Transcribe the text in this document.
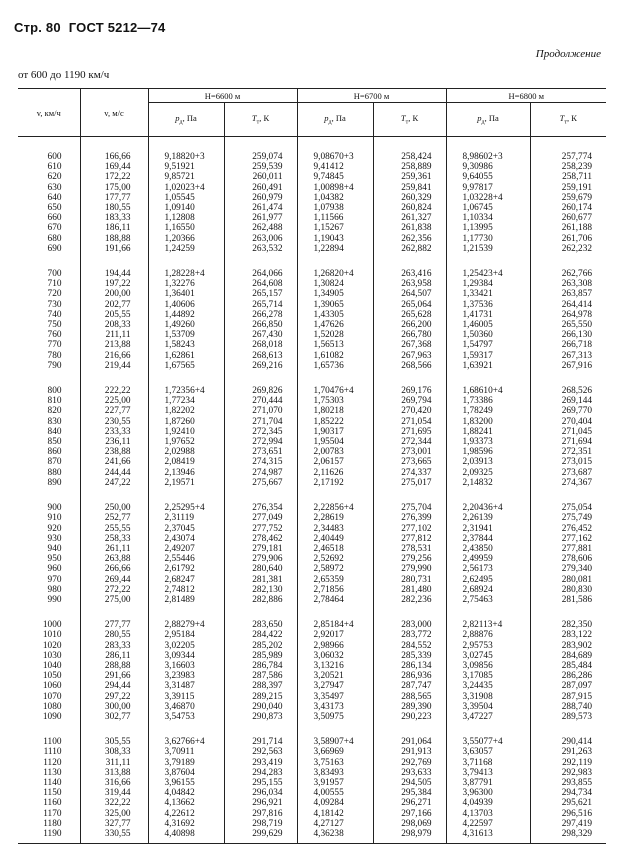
Стр. 80 ГОСТ 5212—74
Продолжение
от 600 до 1190 км/ч
v, км/ч	v, м/с	H=6600 м		H=6700 м		H=6800 м	
		$p_д$, Па	$T_т$, К	$p_д$, Па	$T_т$, К	$p_д$, Па	$T_т$, К

600	166,66	9,18820+3	259,074	9,08670+3	258,424	8,98602+3	257,774
610	169,44	9,51921	259,539	9,41412	258,889	9,30986	258,239
620	172,22	9,85721	260,011	9,74845	259,361	9,64055	258,711
630	175,00	1,02023+4	260,491	1,00898+4	259,841	9,97817	259,191
640	177,77	1,05545	260,979	1,04382	260,329	1,03228+4	259,679
650	180,55	1,09140	261,474	1,07938	260,824	1,06745	260,174
660	183,33	1,12808	261,977	1,11566	261,327	1,10334	260,677
670	186,11	1,16550	262,488	1,15267	261,838	1,13995	261,188
680	188,88	1,20366	263,006	1,19043	262,356	1,17730	261,706
690	191,66	1,24259	263,532	1,22894	262,882	1,21539	262,232

700	194,44	1,28228+4	264,066	1,26820+4	263,416	1,25423+4	262,766
710	197,22	1,32276	264,608	1,30824	263,958	1,29384	263,308
720	200,00	1,36401	265,157	1,34905	264,507	1,33421	263,857
730	202,77	1,40606	265,714	1,39065	265,064	1,37536	264,414
740	205,55	1,44892	266,278	1,43305	265,628	1,41731	264,978
750	208,33	1,49260	266,850	1,47626	266,200	1,46005	265,550
760	211,11	1,53709	267,430	1,52028	266,780	1,50360	266,130
770	213,88	1,58243	268,018	1,56513	267,368	1,54797	266,718
780	216,66	1,62861	268,613	1,61082	267,963	1,59317	267,313
790	219,44	1,67565	269,216	1,65736	268,566	1,63921	267,916

800	222,22	1,72356+4	269,826	1,70476+4	269,176	1,68610+4	268,526
810	225,00	1,77234	270,444	1,75303	269,794	1,73386	269,144
820	227,77	1,82202	271,070	1,80218	270,420	1,78249	269,770
830	230,55	1,87260	271,704	1,85222	271,054	1,83200	270,404
840	233,33	1,92410	272,345	1,90317	271,695	1,88241	271,045
850	236,11	1,97652	272,994	1,95504	272,344	1,93373	271,694
860	238,88	2,02988	273,651	2,00783	273,001	1,98596	272,351
870	241,66	2,08419	274,315	2,06157	273,665	2,03913	273,015
880	244,44	2,13946	274,987	2,11626	274,337	2,09325	273,687
890	247,22	2,19571	275,667	2,17192	275,017	2,14832	274,367

900	250,00	2,25295+4	276,354	2,22856+4	275,704	2,20436+4	275,054
910	252,77	2,31119	277,049	2,28619	276,399	2,26139	275,749
920	255,55	2,37045	277,752	2,34483	277,102	2,31941	276,452
930	258,33	2,43074	278,462	2,40449	277,812	2,37844	277,162
940	261,11	2,49207	279,181	2,46518	278,531	2,43850	277,881
950	263,88	2,55446	279,906	2,52692	279,256	2,49959	278,606
960	266,66	2,61792	280,640	2,58972	279,990	2,56173	279,340
970	269,44	2,68247	281,381	2,65359	280,731	2,62495	280,081
980	272,22	2,74812	282,130	2,71856	281,480	2,68924	280,830
990	275,00	2,81489	282,886	2,78464	282,236	2,75463	281,586

1000	277,77	2,88279+4	283,650	2,85184+4	283,000	2,82113+4	282,350
1010	280,55	2,95184	284,422	2,92017	283,772	2,88876	283,122
1020	283,33	3,02205	285,202	2,98966	284,552	2,95753	283,902
1030	286,11	3,09344	285,989	3,06032	285,339	3,02745	284,689
1040	288,88	3,16603	286,784	3,13216	286,134	3,09856	285,484
1050	291,66	3,23983	287,586	3,20521	286,936	3,17085	286,286
1060	294,44	3,31487	288,397	3,27947	287,747	3,24435	287,097
1070	297,22	3,39115	289,215	3,35497	288,565	3,31908	287,915
1080	300,00	3,46870	290,040	3,43173	289,390	3,39504	288,740
1090	302,77	3,54753	290,873	3,50975	290,223	3,47227	289,573

1100	305,55	3,62766+4	291,714	3,58907+4	291,064	3,55077+4	290,414
1110	308,33	3,70911	292,563	3,66969	291,913	3,63057	291,263
1120	311,11	3,79189	293,419	3,75163	292,769	3,71168	292,119
1130	313,88	3,87604	294,283	3,83493	293,633	3,79413	292,983
1140	316,66	3,96155	295,155	3,91957	294,505	3,87791	293,855
1150	319,44	4,04842	296,034	4,00555	295,384	3,96300	294,734
1160	322,22	4,13662	296,921	4,09284	296,271	4,04939	295,621
1170	325,00	4,22612	297,816	4,18142	297,166	4,13703	296,516
1180	327,77	4,31692	298,719	4,27127	298,069	4,22597	297,419
1190	330,55	4,40898	299,629	4,36238	298,979	4,31613	298,329
